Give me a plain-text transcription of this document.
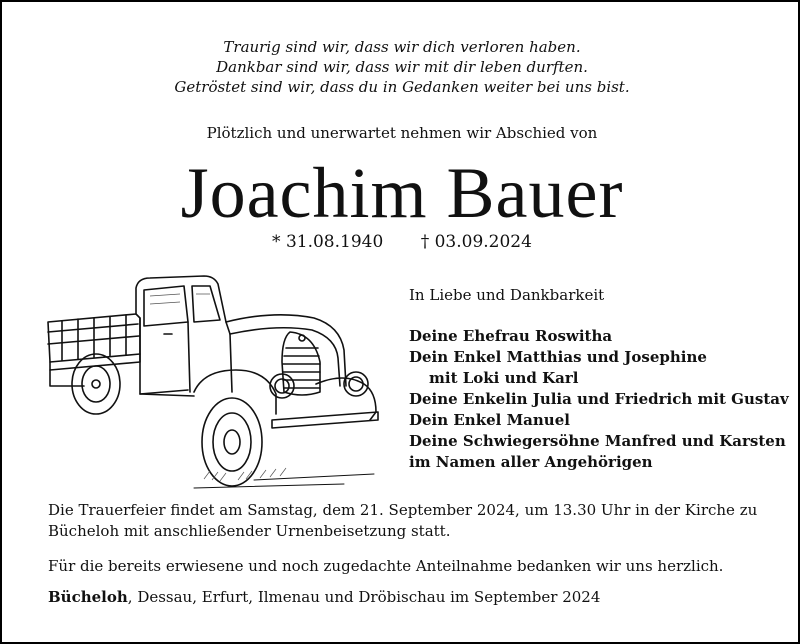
Traurig sind wir, dass wir dich verloren haben.
Dankbar sind wir, dass wir mit dir leben durften.
Getröstet sind wir, dass du in Gedanken weiter bei uns bist.
Plötzlich und unerwartet nehmen wir Abschied von
Joachim Bauer
* 31.08.1940 † 03.09.2024
In Liebe und Dankbarkeit
Deine Ehefrau Roswitha
Dein Enkel Matthias und Josephine
mit Loki und Karl
Deine Enkelin Julia und Friedrich mit Gustav
Dein Enkel Manuel
Deine Schwiegersöhne Manfred und Karsten
im Namen aller Angehörigen

Die Trauerfeier findet am Samstag, dem 21. September 2024, um 13.30 Uhr in der Kirche zu
Bücheloh mit anschließender Urnenbeisetzung statt.

Für die bereits erwiesene und noch zugedachte Anteilnahme bedanken wir uns herzlich.

Bücheloh, Dessau, Erfurt, Ilmenau und Dröbischau im September 2024
